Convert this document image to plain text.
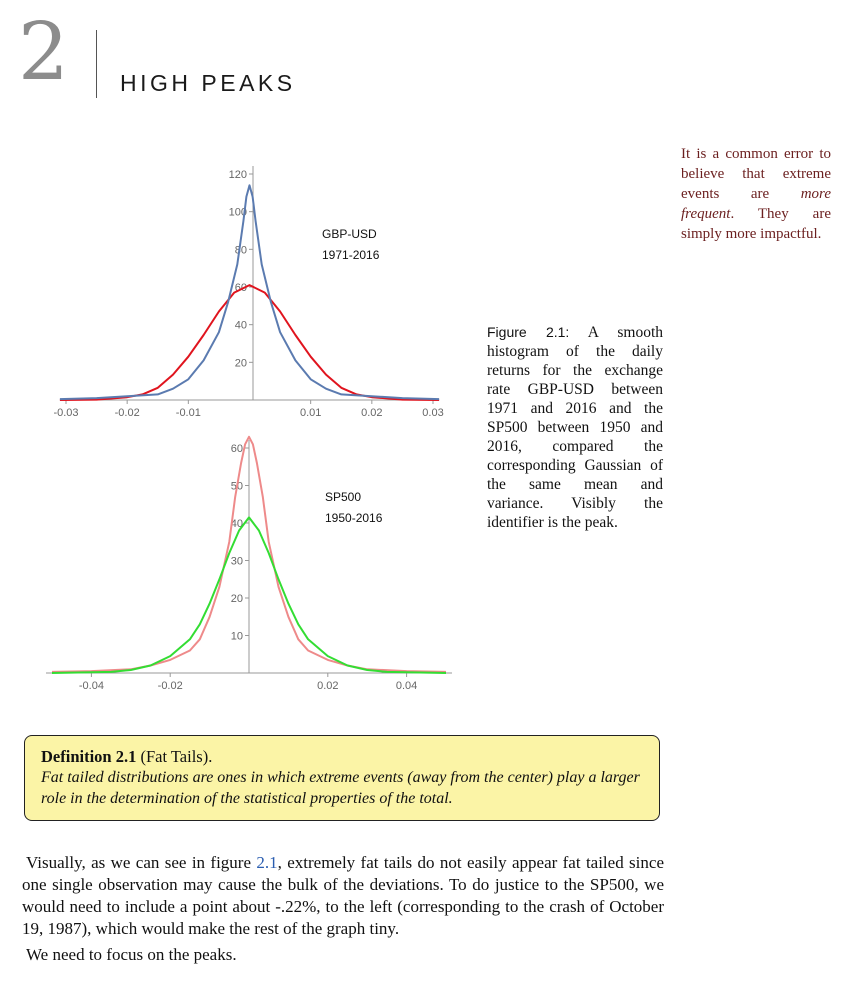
2 HIGH PEAKS
It is a common error to believe that extreme events are more frequent. They are simply more impactful.
-0.03	-0.02	-0.01	0.01	0.02	0.03
20
40
60
80
100
120
GBP-USD
1971-2016
-0.04	-0.02	0.02	0.04
10
20
30
40
50
60
SP500
1950-2016
Figure 2.1: A smooth histogram of the daily returns for the exchange rate GBP-USD between 1971 and 2016 and the SP500 between 1950 and 2016, compared the corresponding Gaussian of the same mean and variance. Visibly the identifier is the peak.
Definition 2.1 (Fat Tails).
Fat tailed distributions are ones in which extreme events (away from the center) play a larger role in the determination of the statistical properties of the total.
Visually, as we can see in figure 2.1, extremely fat tails do not easily appear fat tailed since one single observation may cause the bulk of the deviations. To do justice to the SP500, we would need to include a point about -.22%, to the left (corresponding to the crash of October 19, 1987), which would make the rest of the graph tiny.
We need to focus on the peaks.
